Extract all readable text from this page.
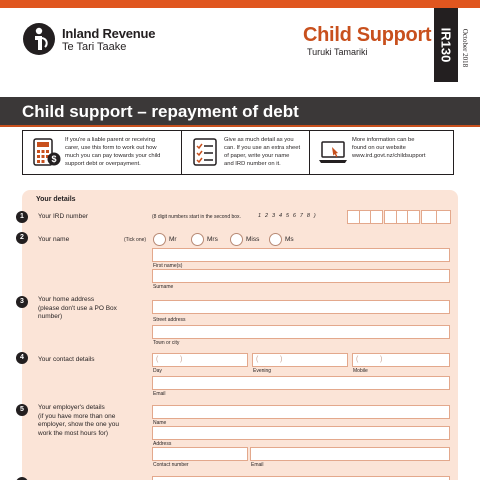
Inland Revenue
Te Tari Taake
Child Support
Turuki Tamariki	IR130 October 2018
Child support – repayment of debt
$
If you're a liable parent or receiving
carer, use this form to work out how
much you can pay towards your child
support debt or overpayment.
Give as much detail as you
can. If you use an extra sheet
of paper, write your name
and IRD number on it.
More information can be
found on our website
www.ird.govt.nz/childsupport
Your details
1	Your IRD number	(8 digit numbers start in the second box.	1 2 3 4 5 6 7 8 )
2	Your name	(Tick one)	Mr	Mrs	Miss	Ms
First name(s)
Surname
3	Your home address
(please don't use a PO Box
number)	Street address
Town or city
4	Your contact details	(	)
Day
(	)
Evening
(	)
Mobile
Email
5	Your employer's details
(if you have more than one
employer, show the one you
work the most hours for)
Name
Address
Contact number	Email
